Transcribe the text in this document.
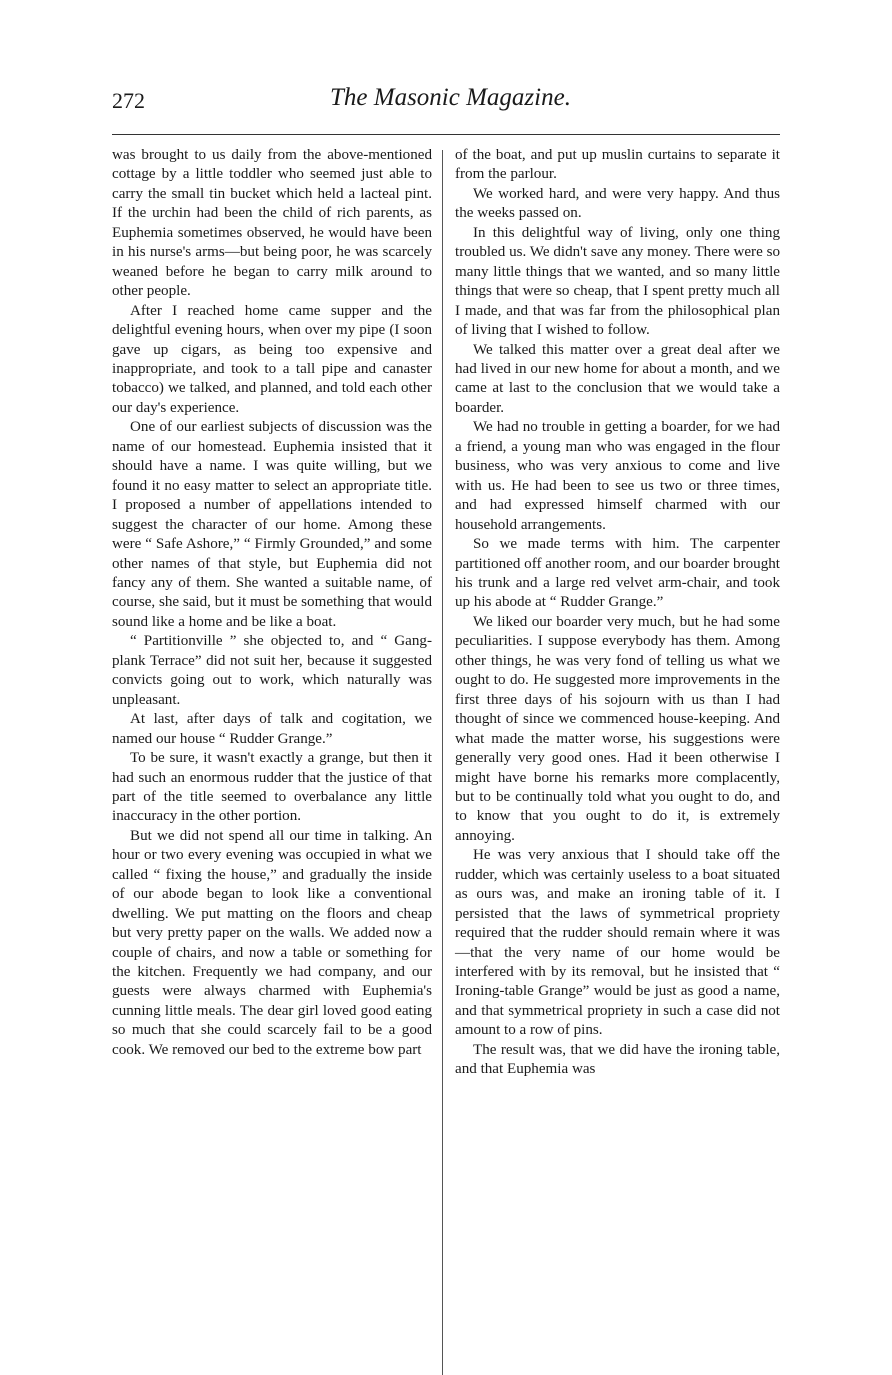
272	The Masonic Magazine.

was brought to us daily from the above-mentioned cottage by a little toddler who seemed just able to carry the small tin bucket which held a lacteal pint. If the urchin had been the child of rich parents, as Euphemia sometimes observed, he would have been in his nurse's arms—but being poor, he was scarcely weaned before he began to carry milk around to other people.

After I reached home came supper and the delightful evening hours, when over my pipe (I soon gave up cigars, as being too expensive and inappropriate, and took to a tall pipe and canaster tobacco) we talked, and planned, and told each other our day's experience.

One of our earliest subjects of discussion was the name of our homestead. Euphemia insisted that it should have a name. I was quite willing, but we found it no easy matter to select an appropriate title. I proposed a number of appellations intended to suggest the character of our home. Among these were “ Safe Ashore,” “ Firmly Grounded,” and some other names of that style, but Euphemia did not fancy any of them. She wanted a suitable name, of course, she said, but it must be something that would sound like a home and be like a boat.

“ Partitionville ” she objected to, and “ Gang-plank Terrace” did not suit her, because it suggested convicts going out to work, which naturally was unpleasant.

At last, after days of talk and cogitation, we named our house “ Rudder Grange.”

To be sure, it wasn't exactly a grange, but then it had such an enormous rudder that the justice of that part of the title seemed to overbalance any little inaccuracy in the other portion.

But we did not spend all our time in talking. An hour or two every evening was occupied in what we called “ fixing the house,” and gradually the inside of our abode began to look like a conventional dwelling. We put matting on the floors and cheap but very pretty paper on the walls. We added now a couple of chairs, and now a table or something for the kitchen. Frequently we had company, and our guests were always charmed with Euphemia's cunning little meals. The dear girl loved good eating so much that she could scarcely fail to be a good cook. We removed our bed to the extreme bow part

of the boat, and put up muslin curtains to separate it from the parlour.

We worked hard, and were very happy. And thus the weeks passed on.

In this delightful way of living, only one thing troubled us. We didn't save any money. There were so many little things that we wanted, and so many little things that were so cheap, that I spent pretty much all I made, and that was far from the philosophical plan of living that I wished to follow.

We talked this matter over a great deal after we had lived in our new home for about a month, and we came at last to the conclusion that we would take a boarder.

We had no trouble in getting a boarder, for we had a friend, a young man who was engaged in the flour business, who was very anxious to come and live with us. He had been to see us two or three times, and had expressed himself charmed with our household arrangements.

So we made terms with him. The carpenter partitioned off another room, and our boarder brought his trunk and a large red velvet arm-chair, and took up his abode at “ Rudder Grange.”

We liked our boarder very much, but he had some peculiarities. I suppose everybody has them. Among other things, he was very fond of telling us what we ought to do. He suggested more improvements in the first three days of his sojourn with us than I had thought of since we commenced house-keeping. And what made the matter worse, his suggestions were generally very good ones. Had it been otherwise I might have borne his remarks more complacently, but to be continually told what you ought to do, and to know that you ought to do it, is extremely annoying.

He was very anxious that I should take off the rudder, which was certainly useless to a boat situated as ours was, and make an ironing table of it. I persisted that the laws of symmetrical propriety required that the rudder should remain where it was—that the very name of our home would be interfered with by its removal, but he insisted that “ Ironing-table Grange” would be just as good a name, and that symmetrical propriety in such a case did not amount to a row of pins.

The result was, that we did have the ironing table, and that Euphemia was
